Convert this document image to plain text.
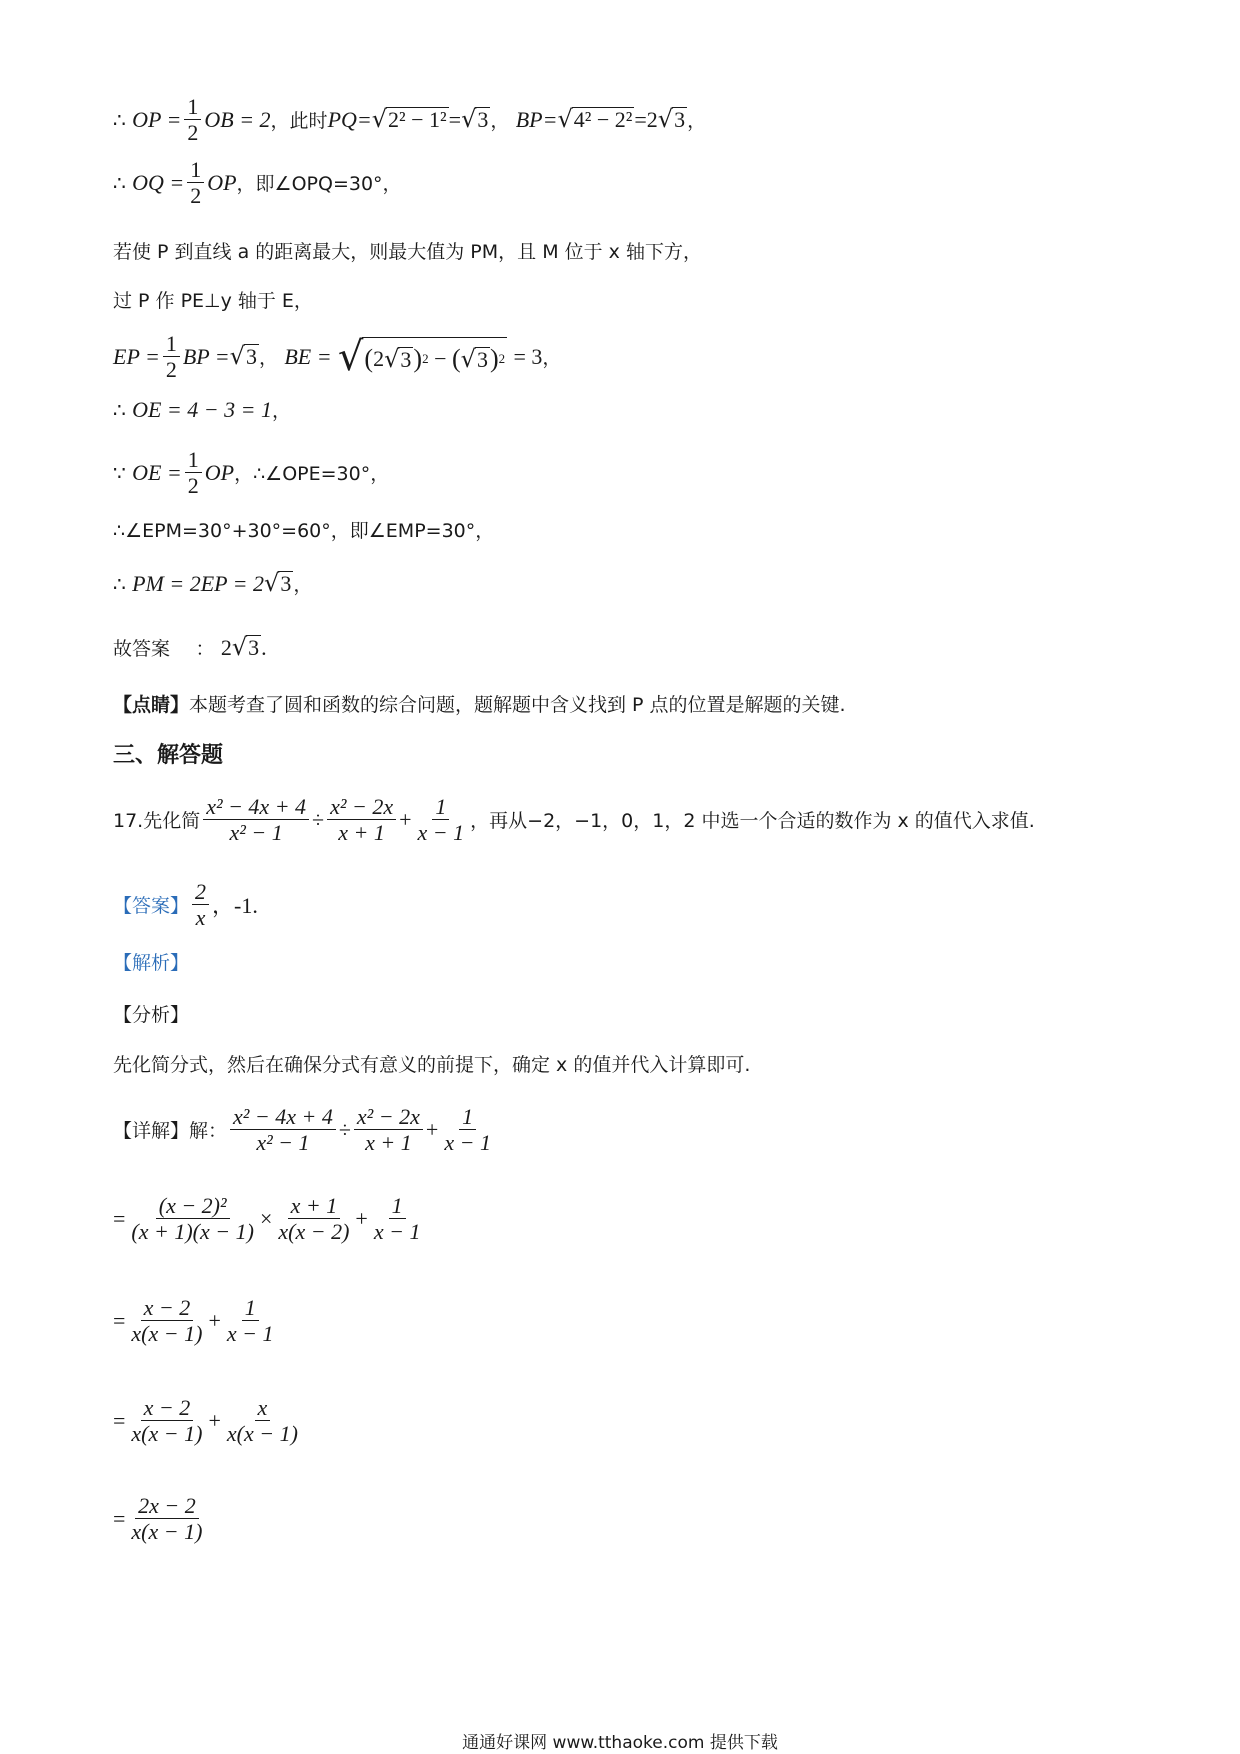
∴
OP = $\frac{1}{2}$ OB = 2 ，此时 PQ= √ 2² − 1² = √ 3 ，
BP= √ 4² − 2² =2 √ 3 ，
∴
OQ = $\frac{1}{2}$ OP ，即∠OPQ=30°，
若使 P 到直线 a 的距离最大，则最大值为 PM，且 M 位于 x 轴下方，
过 P 作 PE⊥y 轴于 E，
EP = $\frac{1}{2}$ BP = √ 3 ，
BE =
√ ( 2 √ 3 ) 2
−
( √ 3 ) 2
= 3 ，
∴
OE = 4 − 3 = 1 ，
∵
OE = $\frac{1}{2}$ OP ，∴∠OPE=30°，
∴∠EPM=30°+30°=60°，即∠EMP=30°，
∴
PM = 2EP = 2 √ 3 ，
故答案
：
2 √ 3 .
【点睛】 本题考查了圆和函数的综合问题，题解题中含义找到 P 点的位置是解题的关键.
三、解答题
17.先化简 $\frac{\text{x² − 4x + 4}}{\text{x² − 1}} \div \frac{\text{x² − 2x}}{x + 1} + \frac{1}{x - 1}$ ，再从−2，−1，0，1，2 中选一个合适的数作为 x 的值代入求值.
【答案】 $\frac{2}{x}$ ，-1.
【解析】
【分析】
先化简分式，然后在确保分式有意义的前提下，确定 x 的值并代入计算即可.
【详解】解： $\frac{\text{x² − 4x + 4}}{\text{x² − 1}} \div \frac{\text{x² − 2x}}{x + 1} + \frac{1}{x - 1}$
= $\frac{\text{(x − 2)²}}{(x + 1)(x - 1)} \times \frac{x + 1}{x(x - 2)} + \frac{1}{x - 1}$
= $\frac{x - 2}{x(x - 1)} + \frac{1}{x - 1}$
= $\frac{x - 2}{x(x - 1)} + \frac{x}{x(x - 1)}$
= $\frac{2x - 2}{x(x - 1)}$
通通好课网 www.tthaoke.com 提供下载
